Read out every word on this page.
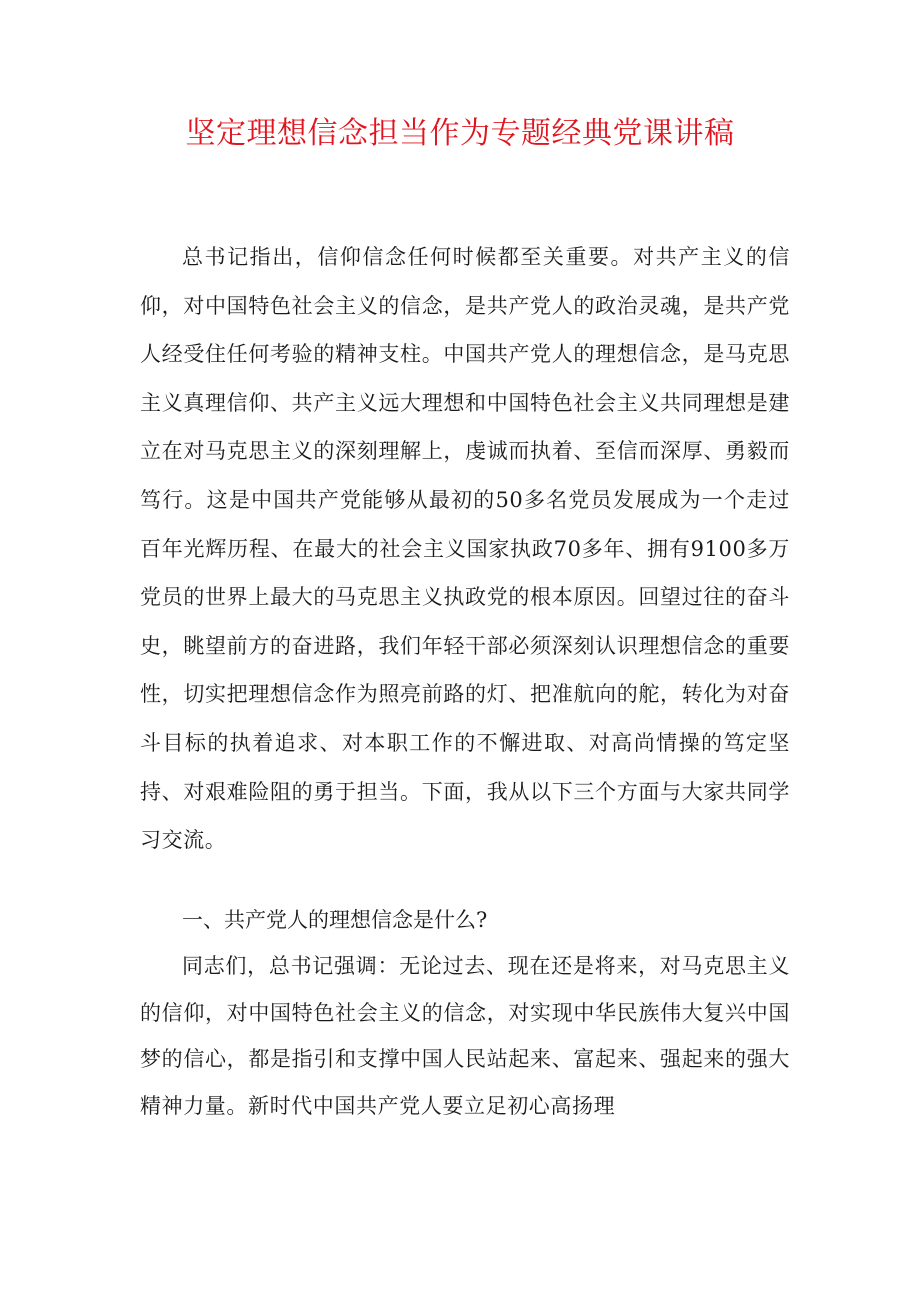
坚定理想信念担当作为专题经典党课讲稿

总书记指出，信仰信念任何时候都至关重要。对共产主义的信仰，对中国特色社会主义的信念，是共产党人的政治灵魂，是共产党人经受住任何考验的精神支柱。中国共产党人的理想信念，是马克思主义真理信仰、共产主义远大理想和中国特色社会主义共同理想是建立在对马克思主义的深刻理解上，虔诚而执着、至信而深厚、勇毅而笃行。这是中国共产党能够从最初的50多名党员发展成为一个走过百年光辉历程、在最大的社会主义国家执政70多年、拥有9100多万党员的世界上最大的马克思主义执政党的根本原因。回望过往的奋斗史，眺望前方的奋进路，我们年轻干部必须深刻认识理想信念的重要性，切实把理想信念作为照亮前路的灯、把准航向的舵，转化为对奋斗目标的执着追求、对本职工作的不懈进取、对高尚情操的笃定坚持、对艰难险阻的勇于担当。下面，我从以下三个方面与大家共同学习交流。

一、共产党人的理想信念是什么?

同志们，总书记强调：无论过去、现在还是将来，对马克思主义的信仰，对中国特色社会主义的信念，对实现中华民族伟大复兴中国梦的信心，都是指引和支撑中国人民站起来、富起来、强起来的强大精神力量。新时代中国共产党人要立足初心高扬理
